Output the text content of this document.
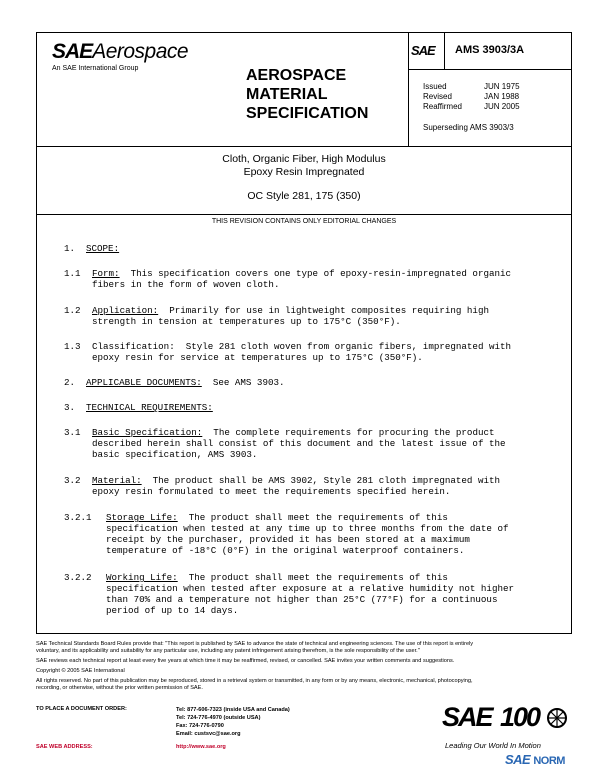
SAEAerospace
An SAE International Group	AEROSPACE
MATERIAL
SPECIFICATION
SAE AMS 3903/3A
Issued	JUN 1975
Revised	JAN 1988
Reaffirmed	JUN 2005
Superseding AMS 3903/3
Cloth, Organic Fiber, High Modulus
Epoxy Resin Impregnated
OC Style 281, 175 (350)
THIS REVISION CONTAINS ONLY EDITORIAL CHANGES
1. SCOPE:
1.1 Form:  This specification covers one type of epoxy-resin-impregnated organic
fibers in the form of woven cloth.
1.2 Application:  Primarily for use in lightweight composites requiring high
strength in tension at temperatures up to 175°C (350°F).
1.3 Classification:  Style 281 cloth woven from organic fibers, impregnated with
epoxy resin for service at temperatures up to 175°C (350°F).
2. APPLICABLE DOCUMENTS:  See AMS 3903.
3. TECHNICAL REQUIREMENTS:
3.1 Basic Specification:  The complete requirements for procuring the product
described herein shall consist of this document and the latest issue of the
basic specification, AMS 3903.
3.2 Material:  The product shall be AMS 3902, Style 281 cloth impregnated with
epoxy resin formulated to meet the requirements specified herein.
3.2.1 Storage Life:  The product shall meet the requirements of this
specification when tested at any time up to three months from the date of
receipt by the purchaser, provided it has been stored at a maximum
temperature of -18°C (0°F) in the original waterproof containers.
3.2.2 Working Life:  The product shall meet the requirements of this
specification when tested after exposure at a relative humidity not higher
than 70% and a temperature not higher than 25°C (77°F) for a continuous
period of up to 14 days.
SAE Technical Standards Board Rules provide that: "This report is published by SAE to advance the state of technical and engineering sciences. The use of this report is entirely
voluntary, and its applicability and suitability for any particular use, including any patent infringement arising therefrom, is the sole responsibility of the user."
SAE reviews each technical report at least every five years at which time it may be reaffirmed, revised, or cancelled. SAE invites your written comments and suggestions.
Copyright © 2005 SAE International
All rights reserved. No part of this publication may be reproduced, stored in a retrieval system or transmitted, in any form or by any means, electronic, mechanical, photocopying,
recording, or otherwise, without the prior written permission of SAE.
TO PLACE A DOCUMENT ORDER:	Tel: 877-606-7323 (inside USA and Canada)
Tel: 724-776-4970 (outside USA)
Fax: 724-776-0790
Email: custsvc@sae.org
SAE WEB ADDRESS:	http://www.sae.org
SAE 100
Leading Our World In Motion
SAE NORM
